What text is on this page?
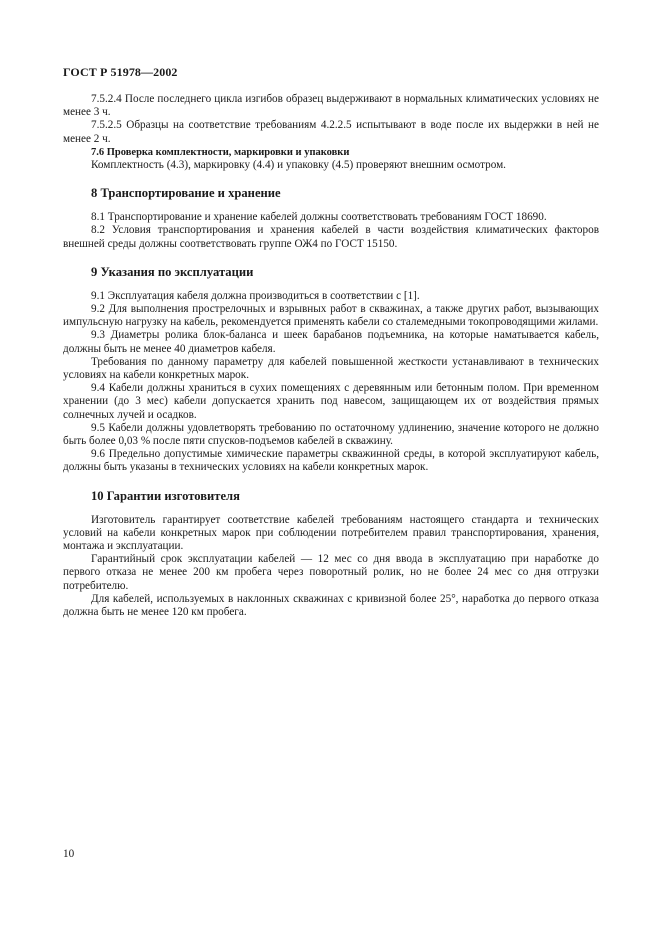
ГОСТ Р 51978—2002

7.5.2.4 После последнего цикла изгибов образец выдерживают в нормальных климатических условиях не менее 3 ч.

7.5.2.5 Образцы на соответствие требованиям 4.2.2.5 испытывают в воде после их выдержки в ней не менее 2 ч.

7.6 Проверка комплектности, маркировки и упаковки

Комплектность (4.3), маркировку (4.4) и упаковку (4.5) проверяют внешним осмотром.

8 Транспортирование и хранение

8.1 Транспортирование и хранение кабелей должны соответствовать требованиям ГОСТ 18690.

8.2 Условия транспортирования и хранения кабелей в части воздействия климатических факторов внешней среды должны соответствовать группе ОЖ4 по ГОСТ 15150.

9 Указания по эксплуатации

9.1 Эксплуатация кабеля должна производиться в соответствии с [1].

9.2 Для выполнения прострелочных и взрывных работ в скважинах, а также других работ, вызывающих импульсную нагрузку на кабель, рекомендуется применять кабели со сталемедными токопроводящими жилами.

9.3 Диаметры ролика блок-баланса и шеек барабанов подъемника, на которые наматывается кабель, должны быть не менее 40 диаметров кабеля.

Требования по данному параметру для кабелей повышенной жесткости устанавливают в технических условиях на кабели конкретных марок.

9.4 Кабели должны храниться в сухих помещениях с деревянным или бетонным полом. При временном хранении (до 3 мес) кабели допускается хранить под навесом, защищающем их от воздействия прямых солнечных лучей и осадков.

9.5 Кабели должны удовлетворять требованию по остаточному удлинению, значение которого не должно быть более 0,03 % после пяти спусков-подъемов кабелей в скважину.

9.6 Предельно допустимые химические параметры скважинной среды, в которой эксплуатируют кабель, должны быть указаны в технических условиях на кабели конкретных марок.

10 Гарантии изготовителя

Изготовитель гарантирует соответствие кабелей требованиям настоящего стандарта и технических условий на кабели конкретных марок при соблюдении потребителем правил транспортирования, хранения, монтажа и эксплуатации.

Гарантийный срок эксплуатации кабелей — 12 мес со дня ввода в эксплуатацию при наработке до первого отказа не менее 200 км пробега через поворотный ролик, но не более 24 мес со дня отгрузки потребителю.

Для кабелей, используемых в наклонных скважинах с кривизной более 25°, наработка до первого отказа должна быть не менее 120 км пробега.

10
